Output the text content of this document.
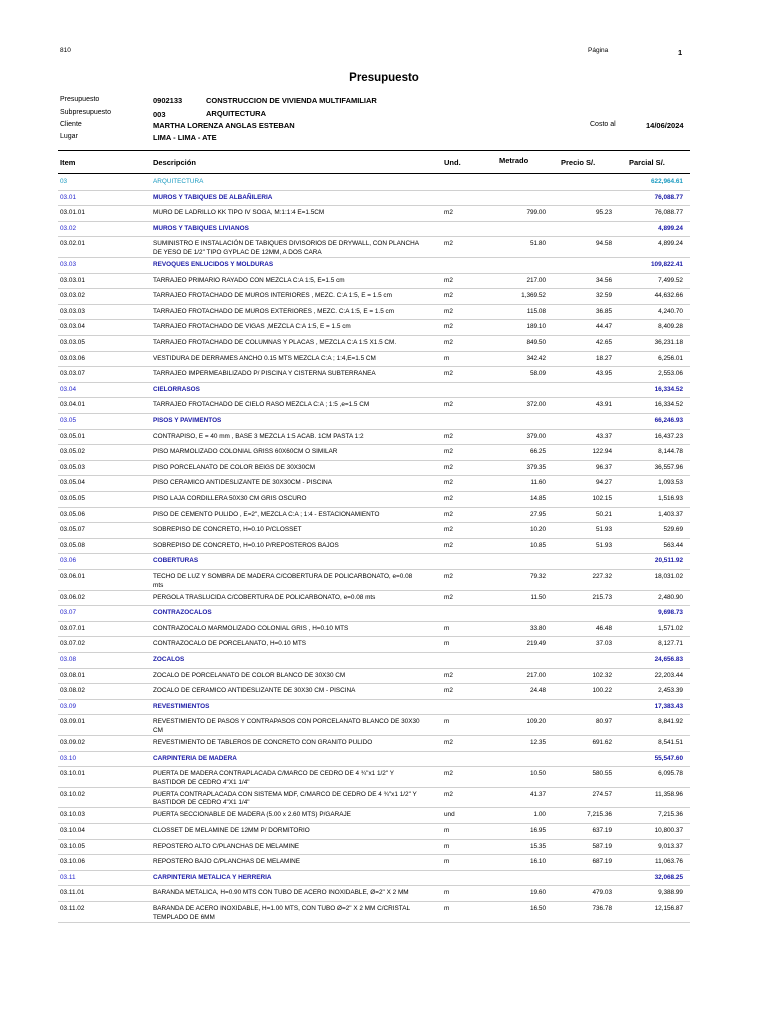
810	Página	1
Presupuesto
Presupuesto	0902133	CONSTRUCCION DE VIVIENDA MULTIFAMILIAR
Subpresupuesto	003	ARQUITECTURA
Cliente	MARTHA LORENZA ANGLAS ESTEBAN	Costo al	14/06/2024
Lugar	LIMA - LIMA - ATE
Item	Descripción	Und.	Metrado	Precio S/.	Parcial S/.
03	ARQUITECTURA	622,964.61
03.01	MUROS Y TABIQUES DE ALBAÑILERIA	76,088.77
03.01.01	MURO DE LADRILLO KK TIPO IV SOGA, M:1:1:4 E=1.5CM	m2	799.00	95.23	76,088.77
03.02	MUROS Y TABIQUES LIVIANOS	4,899.24
03.02.01	SUMINISTRO E INSTALACIÓN DE TABIQUES DIVISORIOS DE DRYWALL, CON PLANCHA DE YESO DE 1/2" TIPO GYPLAC DE 12MM, A DOS CARA
m2	51.80	94.58	4,899.24
03.03	REVOQUES ENLUCIDOS Y MOLDURAS	109,822.41
03.03.01	TARRAJEO PRIMARIO RAYADO CON MEZCLA C:A 1:5, E=1.5 cm	m2	217.00	34.56	7,499.52
03.03.02	TARRAJEO FROTACHADO DE MUROS INTERIORES , MEZC. C:A 1:5, E = 1.5 cm	m2	1,369.52	32.59	44,632.66
03.03.03	TARRAJEO FROTACHADO DE MUROS EXTERIORES , MEZC. C:A 1:5, E = 1.5 cm	m2	115.08	36.85	4,240.70
03.03.04	TARRAJEO FROTACHADO DE VIGAS ,MEZCLA C:A 1:5, E = 1.5 cm	m2	189.10	44.47	8,409.28
03.03.05	TARRAJEO FROTACHADO DE COLUMNAS Y PLACAS , MEZCLA C:A 1:5 X1.5 CM.	m2	849.50	42.65	36,231.18
03.03.06	VESTIDURA DE DERRAMES ANCHO 0.15 MTS MEZCLA C:A ; 1:4,E=1.5 CM	m	342.42	18.27	6,256.01
03.03.07	TARRAJEO IMPERMEABILIZADO P/ PISCINA Y CISTERNA SUBTERRANEA	m2	58.09	43.95	2,553.06
03.04	CIELORRASOS	16,334.52
03.04.01	TARRAJEO FROTACHADO DE CIELO RASO MEZCLA C:A ; 1:5 ,e=1.5 CM	m2	372.00	43.91	16,334.52
03.05	PISOS Y PAVIMENTOS	66,246.93
03.05.01	CONTRAPISO, E = 40 mm , BASE 3 MEZCLA 1:5 ACAB. 1CM PASTA 1:2	m2	379.00	43.37	16,437.23
03.05.02	PISO MARMOLIZADO COLONIAL GRISS 60X60CM O SIMILAR	m2	66.25	122.94	8,144.78
03.05.03	PISO PORCELANATO DE COLOR BEIGS DE 30X30CM	m2	379.35	96.37	36,557.96
03.05.04	PISO CERAMICO ANTIDESLIZANTE DE 30X30CM - PISCINA	m2	11.60	94.27	1,093.53
03.05.05	PISO LAJA CORDILLERA 50X30 CM GRIS OSCURO	m2	14.85	102.15	1,516.93
03.05.06	PISO DE CEMENTO PULIDO , E=2", MEZCLA C:A ; 1:4 - ESTACIONAMIENTO	m2	27.95	50.21	1,403.37
03.05.07	SOBREPISO DE CONCRETO, H=0.10 P/CLOSSET	m2	10.20	51.93	529.69
03.05.08	SOBREPISO DE CONCRETO, H=0.10 P/REPOSTEROS BAJOS	m2	10.85	51.93	563.44
03.06	COBERTURAS	20,511.92
03.06.01	TECHO DE LUZ Y SOMBRA DE MADERA C/COBERTURA DE POLICARBONATO, e=0.08 mts
m2	79.32	227.32	18,031.02
03.06.02	PERGOLA TRASLUCIDA C/COBERTURA DE POLICARBONATO, e=0.08 mts	m2	11.50	215.73	2,480.90
03.07	CONTRAZOCALOS	9,698.73
03.07.01	CONTRAZOCALO MARMOLIZADO COLONIAL GRIS , H=0.10 MTS	m	33.80	46.48	1,571.02
03.07.02	CONTRAZOCALO DE PORCELANATO, H=0.10 MTS	m	219.49	37.03	8,127.71
03.08	ZOCALOS	24,656.83
03.08.01	ZOCALO DE PORCELANATO DE COLOR BLANCO DE 30X30 CM	m2	217.00	102.32	22,203.44
03.08.02	ZOCALO DE CERAMICO ANTIDESLIZANTE DE 30X30 CM - PISCINA	m2	24.48	100.22	2,453.39
03.09	REVESTIMIENTOS	17,383.43
03.09.01	REVESTIMIENTO DE PASOS Y CONTRAPASOS CON PORCELANATO BLANCO DE 30X30 CM
m	109.20	80.97	8,841.92
03.09.02	REVESTIMIENTO DE TABLEROS DE CONCRETO CON GRANITO PULIDO	m2	12.35	691.62	8,541.51
03.10	CARPINTERIA DE MADERA	55,547.60
03.10.01	PUERTA DE MADERA CONTRAPLACADA C/MARCO DE CEDRO DE 4 ¾"x1 1/2" Y BASTIDOR DE CEDRO 4"X1 1/4"
m2	10.50	580.55	6,095.78
03.10.02	PUERTA CONTRAPLACADA CON SISTEMA MDF, C/MARCO DE CEDRO DE 4 ¾"x1 1/2" Y BASTIDOR DE CEDRO 4"X1 1/4"
m2	41.37	274.57	11,358.96
03.10.03	PUERTA SECCIONABLE DE MADERA (5.00 x 2.60 MTS) P/GARAJE	und	1.00	7,215.36	7,215.36
03.10.04	CLOSSET DE MELAMINE DE 12MM P/ DORMITORIO	m	16.95	637.19	10,800.37
03.10.05	REPOSTERO ALTO C/PLANCHAS DE MELAMINE	m	15.35	587.19	9,013.37
03.10.06	REPOSTERO BAJO C/PLANCHAS DE MELAMINE	m	16.10	687.19	11,063.76
03.11	CARPINTERIA METALICA Y HERRERIA	32,068.25
03.11.01	BARANDA METALICA, H=0.90 MTS CON TUBO DE ACERO INOXIDABLE, Ø=2" X 2 MM	m	19.60	479.03	9,388.99
03.11.02	BARANDA DE ACERO INOXIDABLE, H=1.00 MTS, CON TUBO Ø=2" X 2 MM C/CRISTAL TEMPLADO DE 6MM
m	16.50	736.78	12,156.87
